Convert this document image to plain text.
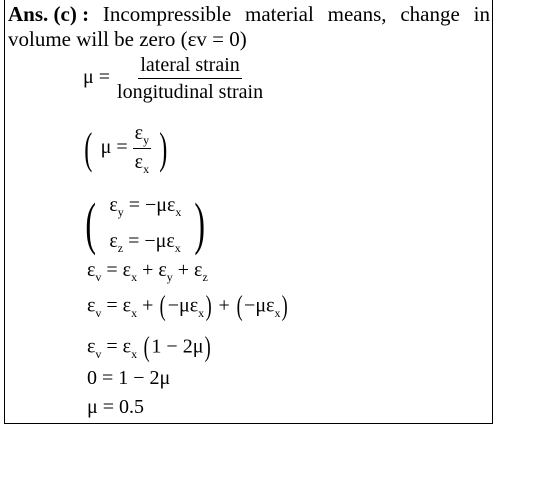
Ans. (c) : Incompressible material means, change in
volume will be zero (εv = 0)
$\mu = \frac{\text{lateral strain}}{\text{longitudinal strain}}$
( $\mu = \frac{\varepsilon_y}{\varepsilon_x}$ )
( $\varepsilon_y = -\mu\varepsilon_x$
$\varepsilon_z = -\mu\varepsilon_x$ )
$\varepsilon_v = \varepsilon_x + \varepsilon_y + \varepsilon_z$
$\varepsilon_v = \varepsilon_x + (-\mu\varepsilon_x) + (-\mu\varepsilon_x)$
$\varepsilon_v = \varepsilon_x$ (1 − 2μ)
0 = 1 − 2μ
μ = 0.5
